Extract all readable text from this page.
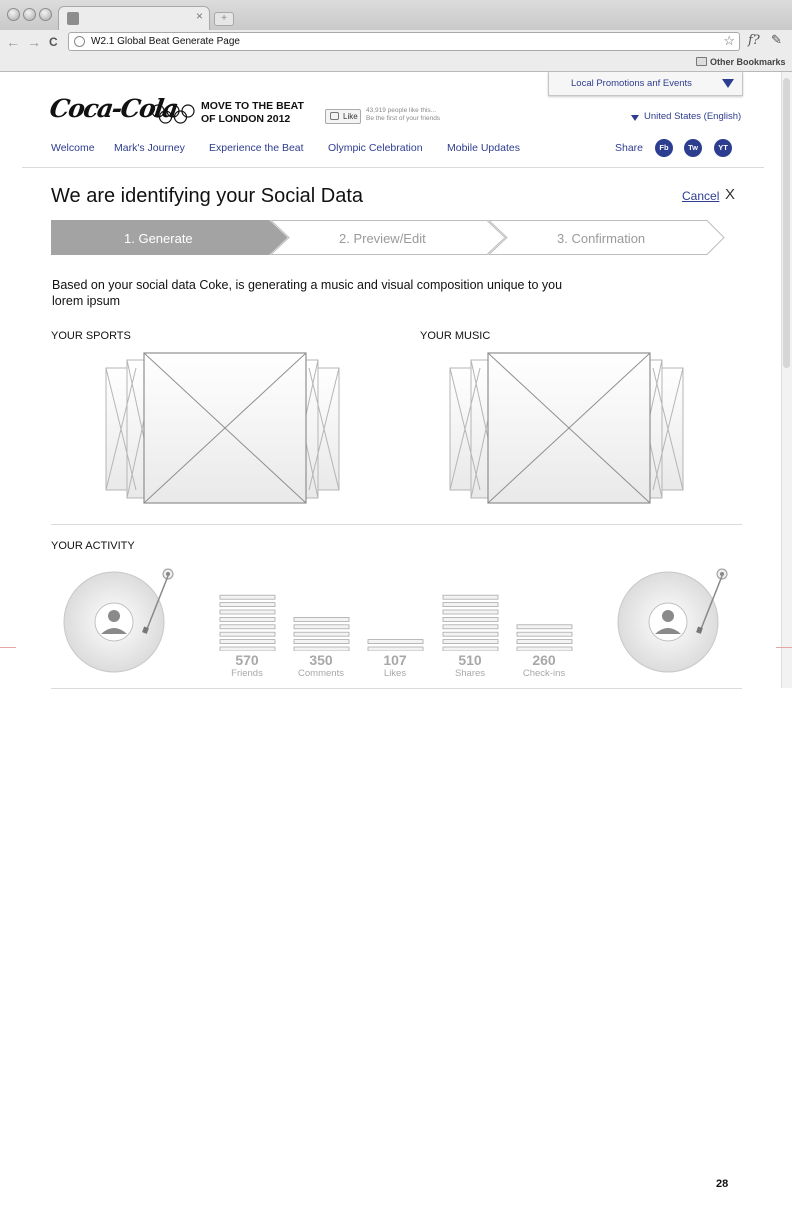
×	+
← → C	W2.1 Global Beat Generate Page	☆ f? ✎
Other Bookmarks
Local Promotions anf Events
Coca-Cola MOVE TO THE BEAT
OF LONDON 2012	Like
43,919 people like this...
Be the first of your friends	United States (English)
Welcome Mark's Journey Experience the Beat Olympic Celebration Mobile Updates	Share	Fb	Tw	YT
We are identifying your Social Data	Cancel X
1. Generate	2. Preview/Edit	3. Confirmation
Based on your social data Coke, is generating a music and visual composition unique to you lorem ipsum
YOUR SPORTS	YOUR MUSIC
YOUR ACTIVITY
570
Friends
350
Comments
107
Likes
510
Shares
260
Check-ins
28
